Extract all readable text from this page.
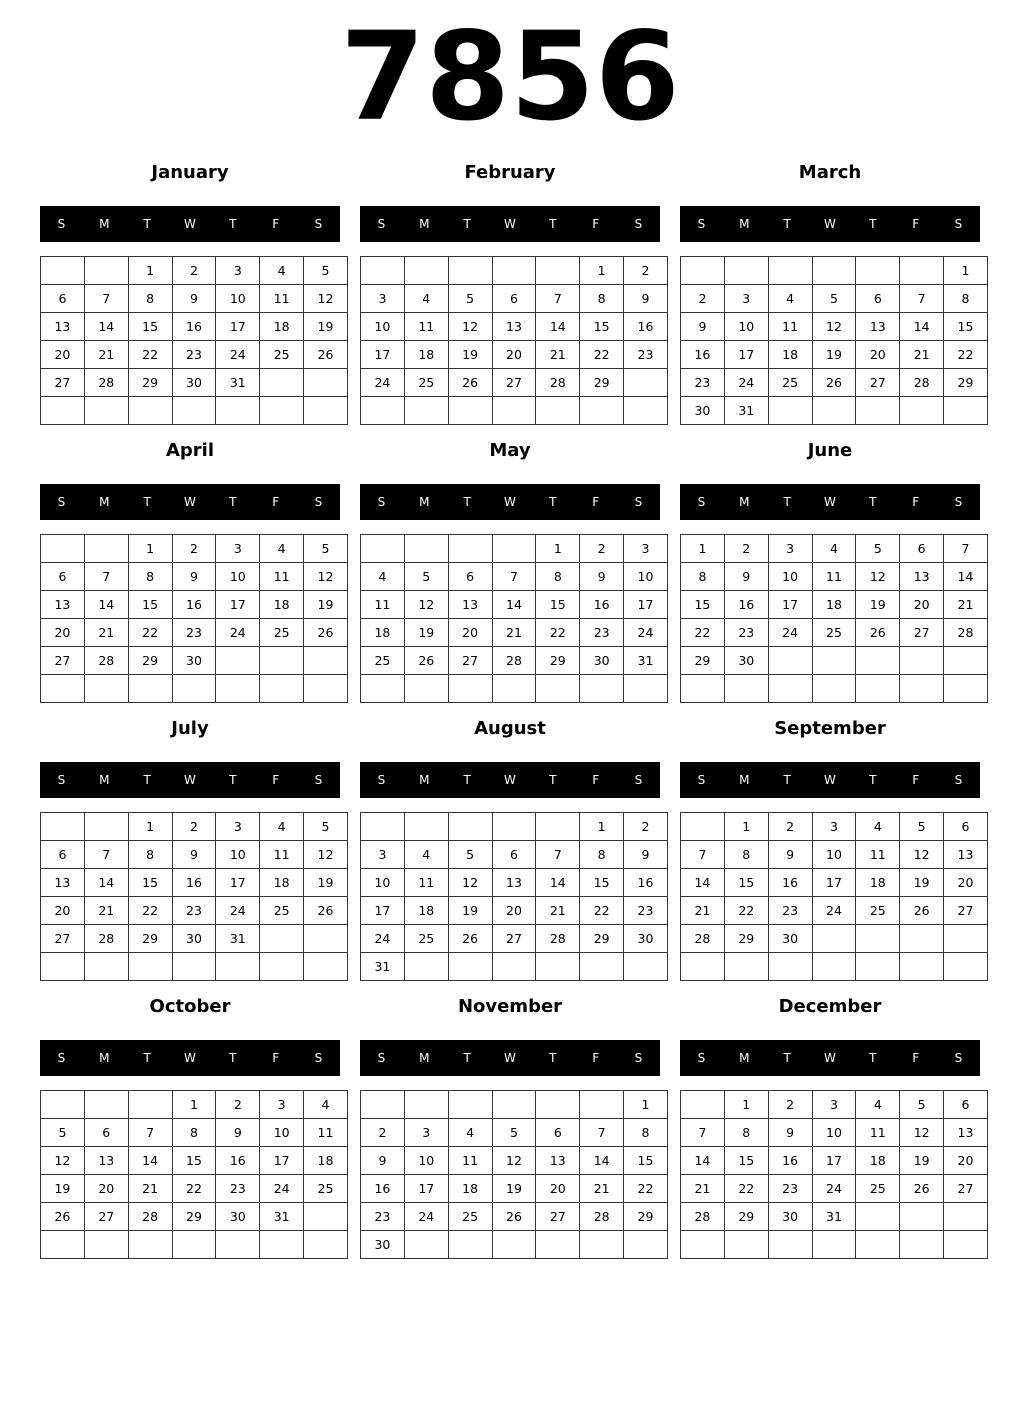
7856
January
S	M	T	W	T	F	S
		1	2	3	4	5
6	7	8	9	10	11	12
13	14	15	16	17	18	19
20	21	22	23	24	25	26
27	28	29	30	31		

February
S	M	T	W	T	F	S
					1	2
3	4	5	6	7	8	9
10	11	12	13	14	15	16
17	18	19	20	21	22	23
24	25	26	27	28	29	

March
S	M	T	W	T	F	S
						1
2	3	4	5	6	7	8
9	10	11	12	13	14	15
16	17	18	19	20	21	22
23	24	25	26	27	28	29
30	31					
April
S	M	T	W	T	F	S
		1	2	3	4	5
6	7	8	9	10	11	12
13	14	15	16	17	18	19
20	21	22	23	24	25	26
27	28	29	30			

May
S	M	T	W	T	F	S
				1	2	3
4	5	6	7	8	9	10
11	12	13	14	15	16	17
18	19	20	21	22	23	24
25	26	27	28	29	30	31

June
S	M	T	W	T	F	S
1	2	3	4	5	6	7
8	9	10	11	12	13	14
15	16	17	18	19	20	21
22	23	24	25	26	27	28
29	30					

July
S	M	T	W	T	F	S
		1	2	3	4	5
6	7	8	9	10	11	12
13	14	15	16	17	18	19
20	21	22	23	24	25	26
27	28	29	30	31		

August
S	M	T	W	T	F	S
					1	2
3	4	5	6	7	8	9
10	11	12	13	14	15	16
17	18	19	20	21	22	23
24	25	26	27	28	29	30
31						
September
S	M	T	W	T	F	S
	1	2	3	4	5	6
7	8	9	10	11	12	13
14	15	16	17	18	19	20
21	22	23	24	25	26	27
28	29	30				

October
S	M	T	W	T	F	S
			1	2	3	4
5	6	7	8	9	10	11
12	13	14	15	16	17	18
19	20	21	22	23	24	25
26	27	28	29	30	31	

November
S	M	T	W	T	F	S
						1
2	3	4	5	6	7	8
9	10	11	12	13	14	15
16	17	18	19	20	21	22
23	24	25	26	27	28	29
30						
December
S	M	T	W	T	F	S
	1	2	3	4	5	6
7	8	9	10	11	12	13
14	15	16	17	18	19	20
21	22	23	24	25	26	27
28	29	30	31			
